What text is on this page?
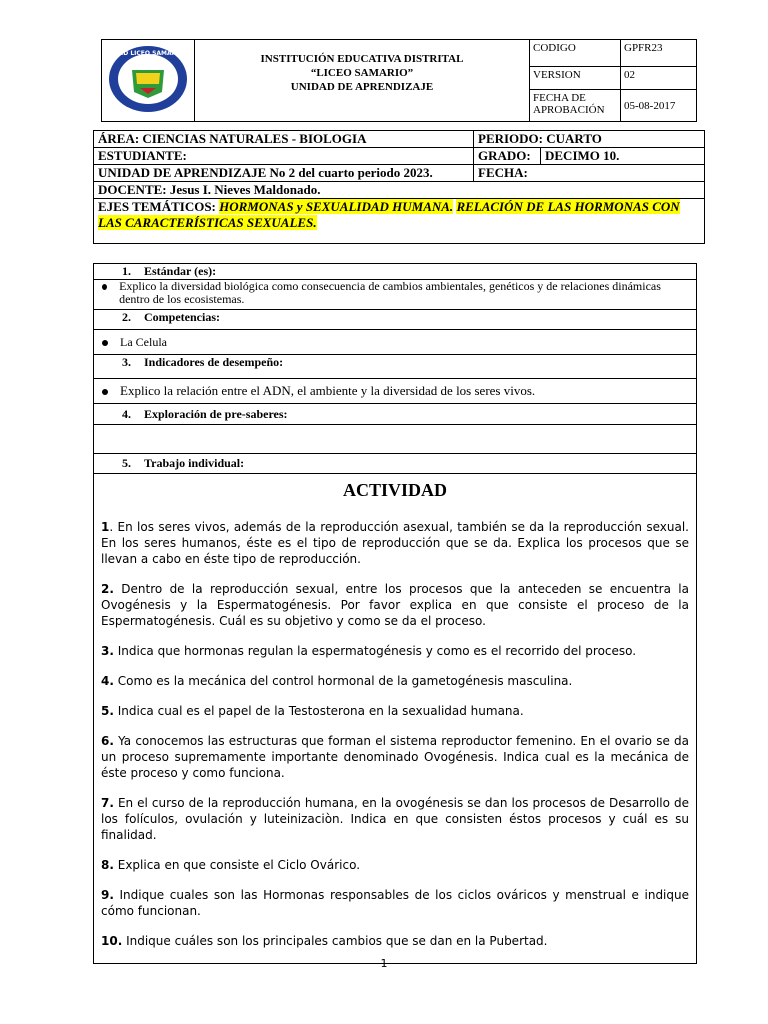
I.E.D LICEO SAMARIO	INSTITUCIÓN EDUCATIVA DISTRITAL
“LICEO SAMARIO”
UNIDAD DE APRENDIZAJE	CODIGO	GPFR23
		VERSION	02

		FECHA DE
APROBACIÓN	05-08-2017
ÁREA: CIENCIAS NATURALES - BIOLOGIA	PERIODO: CUARTO	
ESTUDIANTE:	GRADO:	DECIMO 10.
UNIDAD DE APRENDIZAJE No 2 del cuarto periodo 2023.	FECHA:	
DOCENTE: Jesus I. Nieves Maldonado.		
EJES TEMÁTICOS: HORMONAS y SEXUALIDAD HUMANA. RELACIÓN DE LAS HORMONAS CON LAS CARACTERÍSTICAS SEXUALES.		
1. Estándar (es):

Explico la diversidad biológica como consecuencia de cambios ambientales, genéticos y de relaciones dinámicas dentro de los ecosistemas.

2. Competencias:
La Celula
3. Indicadores de desempeño:
Explico la relación entre el ADN, el ambiente y la diversidad de los seres vivos.
4. Exploración de pre-saberes:

5. Trabajo individual:

ACTIVIDAD

1. En los seres vivos, además de la reproducción asexual, también se da la reproducción sexual. En los seres humanos, éste es el tipo de reproducción que se da. Explica los procesos que se llevan a cabo en éste tipo de reproducción.

2. Dentro de la reproducción sexual, entre los procesos que la anteceden se encuentra la Ovogénesis y la Espermatogénesis. Por favor explica en que consiste el proceso de la Espermatogénesis. Cuál es su objetivo y como se da el proceso.

3. Indica que hormonas regulan la espermatogénesis y como es el recorrido del proceso.

4. Como es la mecánica del control hormonal de la gametogénesis masculina.

5. Indica cual es el papel de la Testosterona en la sexualidad humana.

6. Ya conocemos las estructuras que forman el sistema reproductor femenino. En el ovario se da un proceso supremamente importante denominado Ovogénesis. Indica cual es la mecánica de éste proceso y como funciona.

7. En el curso de la reproducción humana, en la ovogénesis se dan los procesos de Desarrollo de los folículos, ovulación y luteinizaciòn. Indica en que consisten éstos procesos y cuál es su finalidad.

8. Explica en que consiste el Ciclo Ovárico.

9. Indique cuales son las Hormonas responsables de los ciclos ováricos y menstrual e indique cómo funcionan.

10. Indique cuáles son los principales cambios que se dan en la Pubertad.

1
